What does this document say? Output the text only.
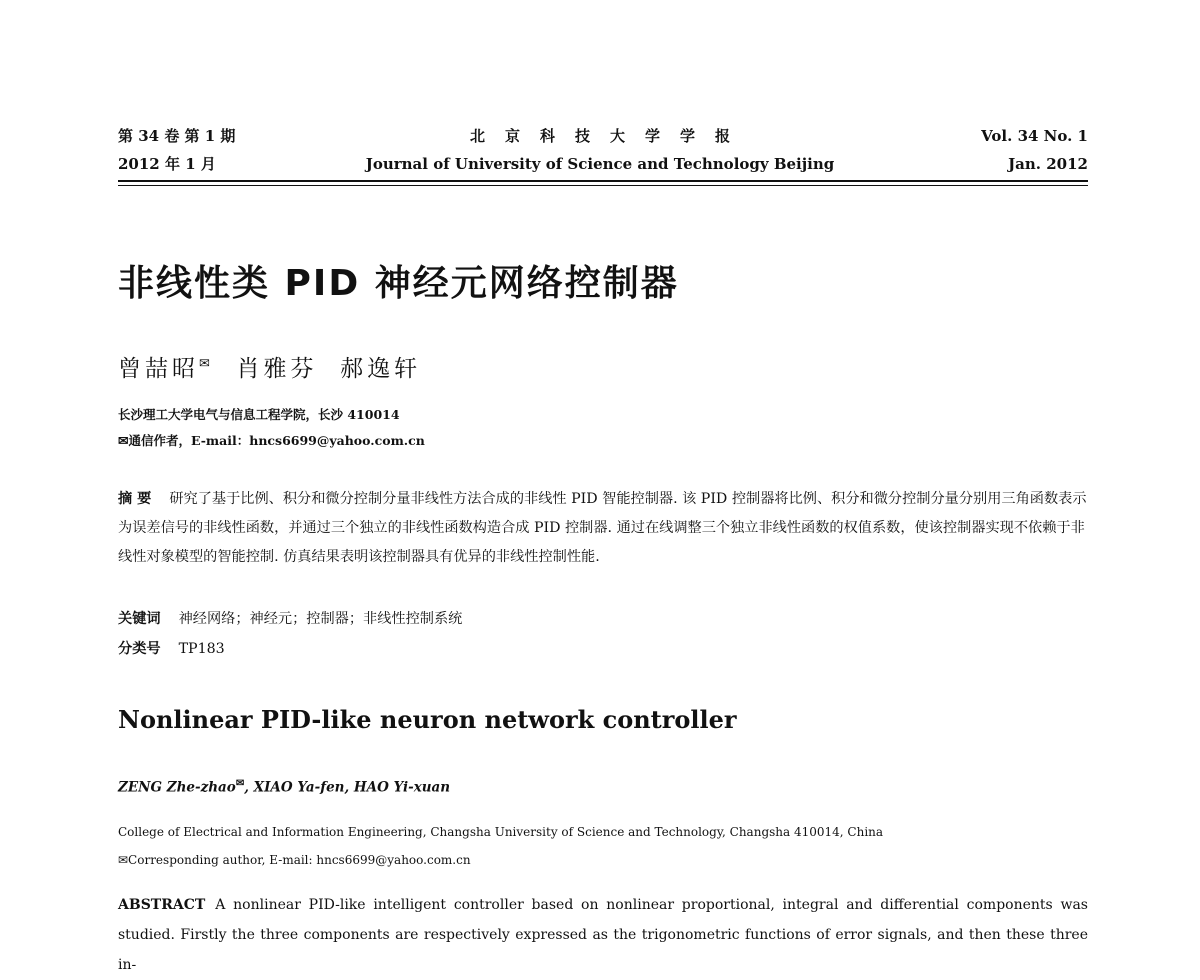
第 34 卷 第 1 期
2012 年 1 月
北京科技大学学报
Journal of University of Science and Technology Beijing
Vol. 34 No. 1
Jan. 2012
非线性类 PID 神经元网络控制器
曾喆昭✉  肖雅芬  郝逸轩
长沙理工大学电气与信息工程学院，长沙 410014
✉通信作者，E-mail：hncs6699@yahoo.com.cn
摘 要 研究了基于比例、积分和微分控制分量非线性方法合成的非线性 PID 智能控制器. 该 PID 控制器将比例、积分和微分控制分量分别用三角函数表示为误差信号的非线性函数，并通过三个独立的非线性函数构造合成 PID 控制器. 通过在线调整三个独立非线性函数的权值系数，使该控制器实现不依赖于非线性对象模型的智能控制. 仿真结果表明该控制器具有优异的非线性控制性能.
关键词 神经网络；神经元；控制器；非线性控制系统
分类号 TP183
Nonlinear PID-like neuron network controller
ZENG Zhe-zhao✉, XIAO Ya-fen, HAO Yi-xuan
College of Electrical and Information Engineering, Changsha University of Science and Technology, Changsha 410014, China
✉Corresponding author, E-mail: hncs6699@yahoo.com.cn
ABSTRACT A nonlinear PID-like intelligent controller based on nonlinear proportional, integral and differential components was studied. Firstly the three components are respectively expressed as the trigonometric functions of error signals, and then these three in-
